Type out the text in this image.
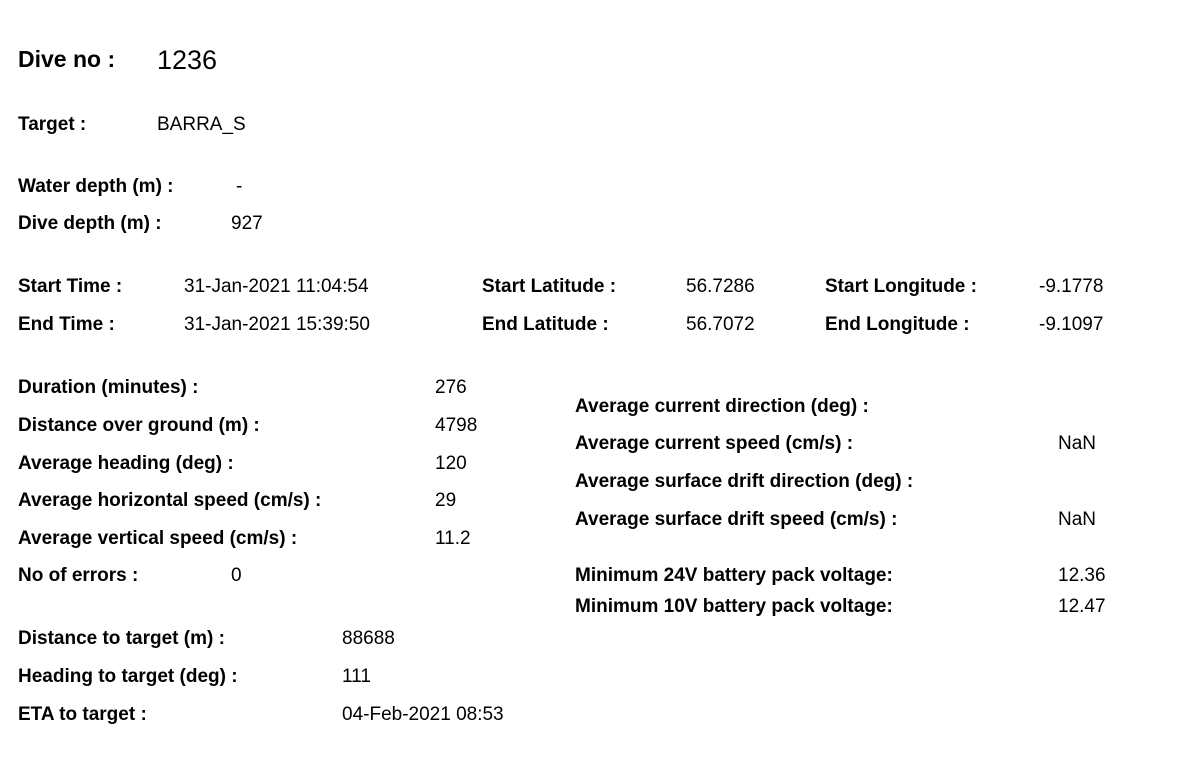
Dive no : 1236
Target :	BARRA_S
Water depth (m) :	-
Dive depth (m) :	927
Start Time :	31-Jan-2021 11:04:54	Start Latitude :	56.7286	Start Longitude :	-9.1778
End Time :	31-Jan-2021 15:39:50	End Latitude :	56.7072	End Longitude :	-9.1097
Duration (minutes) :	276
Distance over ground (m) :	4798
Average heading (deg) :	120
Average horizontal speed (cm/s) :	29
Average vertical speed (cm/s) :	11.2
No of errors :	0
Average current direction (deg) :
Average current speed (cm/s) :	NaN
Average surface drift direction (deg) :
Average surface drift speed (cm/s) :	NaN
Minimum 24V battery pack voltage:	12.36
Minimum 10V battery pack voltage:	12.47
Distance to target (m) :	88688
Heading to target (deg) :	111
ETA to target :	04-Feb-2021 08:53
